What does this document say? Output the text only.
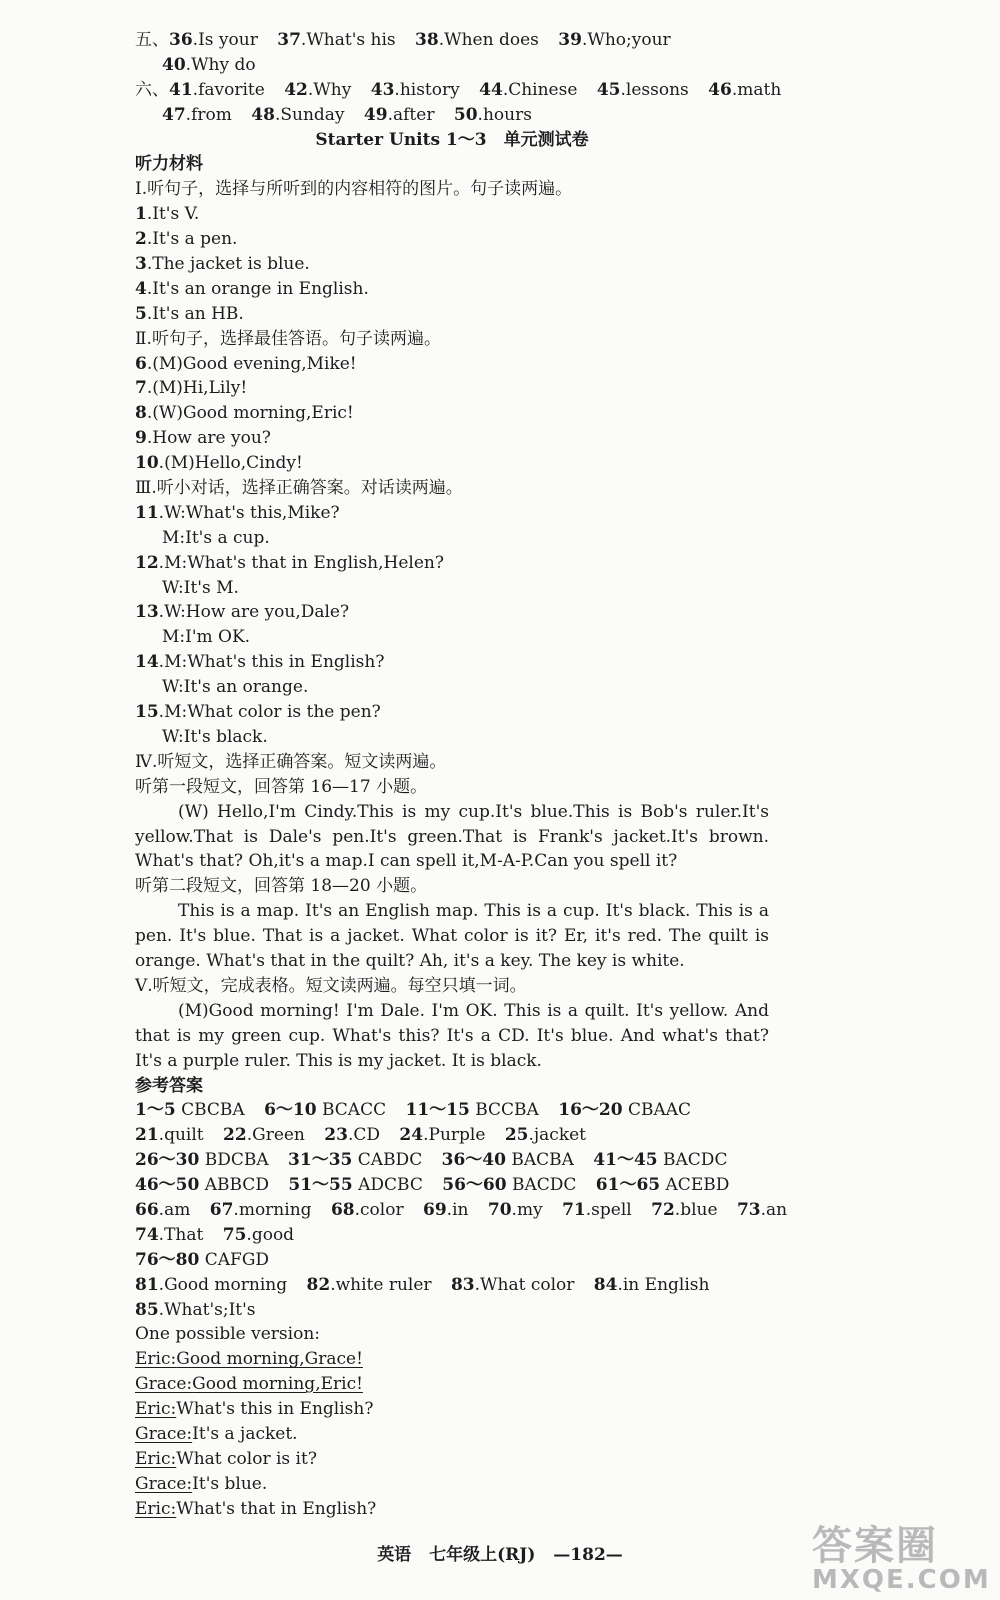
五、36.Is your 37.What's his 38.When does 39.Who;your
40.Why do
六、41.favorite 42.Why 43.history 44.Chinese 45.lessons 46.math
47.from 48.Sunday 49.after 50.hours
Starter Units 1～3　单元测试卷
听力材料
Ⅰ.听句子，选择与所听到的内容相符的图片。句子读两遍。
1.It's V.
2.It's a pen.
3.The jacket is blue.
4.It's an orange in English.
5.It's an HB.
Ⅱ.听句子，选择最佳答语。句子读两遍。
6.(M)Good evening,Mike!
7.(M)Hi,Lily!
8.(W)Good morning,Eric!
9.How are you?
10.(M)Hello,Cindy!
Ⅲ.听小对话，选择正确答案。对话读两遍。
11.W:What's this,Mike?
M:It's a cup.
12.M:What's that in English,Helen?
W:It's M.
13.W:How are you,Dale?
M:I'm OK.
14.M:What's this in English?
W:It's an orange.
15.M:What color is the pen?
W:It's black.
Ⅳ.听短文，选择正确答案。短文读两遍。
听第一段短文，回答第 16—17 小题。
(W) Hello,I'm Cindy.This is my cup.It's blue.This is Bob's ruler.It's yellow.That is Dale's pen.It's green.That is Frank's jacket.It's brown. What's that? Oh,it's a map.I can spell it,M-A-P.Can you spell it?
听第二段短文，回答第 18—20 小题。
This is a map. It's an English map. This is a cup. It's black. This is a pen. It's blue. That is a jacket. What color is it? Er, it's red. The quilt is orange. What's that in the quilt? Ah, it's a key. The key is white.
Ⅴ.听短文，完成表格。短文读两遍。每空只填一词。
(M)Good morning! I'm Dale. I'm OK. This is a quilt. It's yellow. And that is my green cup. What's this? It's a CD. It's blue. And what's that? It's a purple ruler. This is my jacket. It is black.
参考答案
1～5 CBCBA 6～10 BCACC 11～15 BCCBA 16～20 CBAAC
21.quilt 22.Green 23.CD 24.Purple 25.jacket
26～30 BDCBA 31～35 CABDC 36～40 BACBA 41～45 BACDC
46～50 ABBCD 51～55 ADCBC 56～60 BACDC 61～65 ACEBD
66.am 67.morning 68.color 69.in 70.my 71.spell 72.blue 73.an
74.That 75.good
76～80 CAFGD
81.Good morning 82.white ruler 83.What color 84.in English
85.What's;It's
One possible version:
Eric:Good morning,Grace!
Grace:Good morning,Eric!
Eric:What's this in English?
Grace:It's a jacket.
Eric:What color is it?
Grace:It's blue.
Eric:What's that in English?
英语 七年级上(RJ) —182—	答案圈
MXQE.COM
